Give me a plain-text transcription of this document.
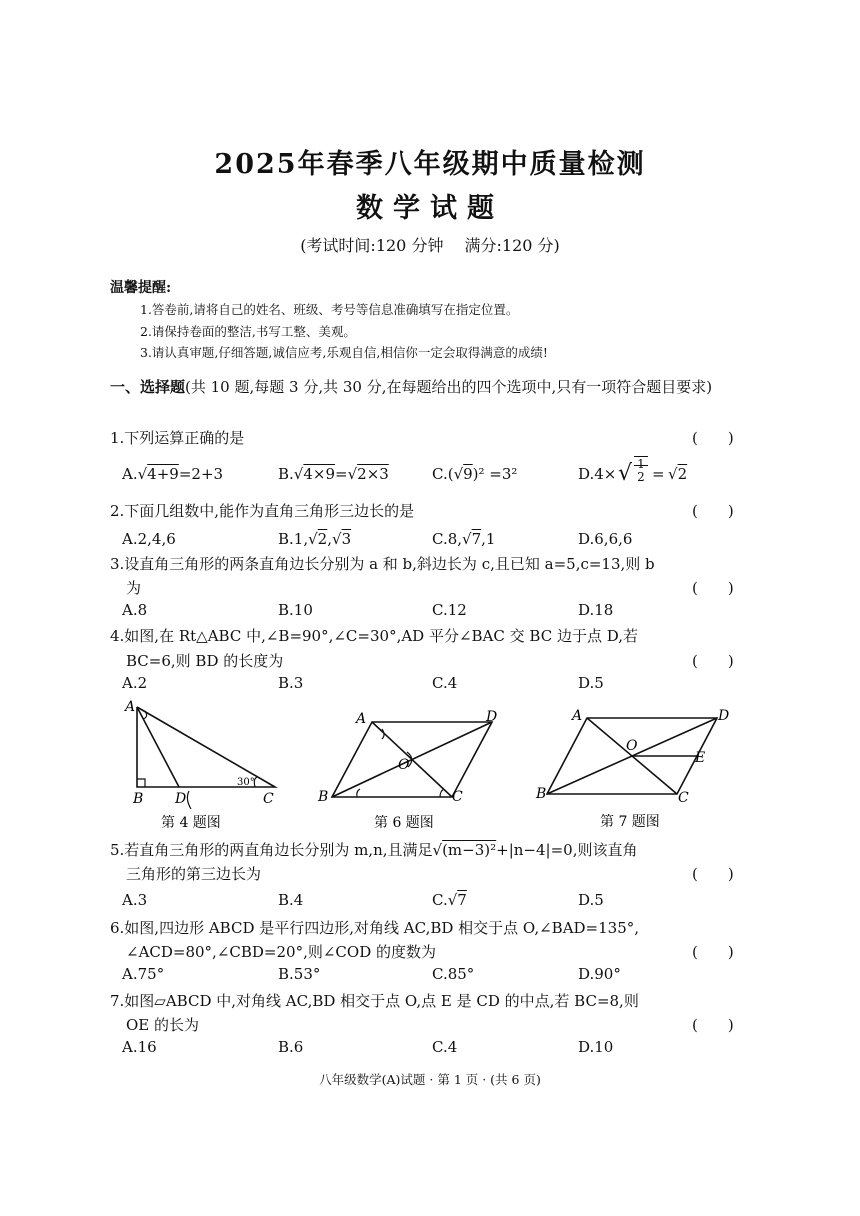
2025年春季八年级期中质量检测
数学试题
(考试时间:120 分钟　 满分:120 分)
温馨提醒:
1.答卷前,请将自己的姓名、班级、考号等信息准确填写在指定位置。
2.请保持卷面的整洁,书写工整、美观。
3.请认真审题,仔细答题,诚信应考,乐观自信,相信你一定会取得满意的成绩!
一、选择题(共 10 题,每题 3 分,共 30 分,在每题给出的四个选项中,只有一项符合题目要求)
1.下列运算正确的是	(　　)
A.√4+9=2+3	B.√4×9=√2×3	C.(√9)² =3²	D.4× √ 1
2 = √2
2.下面几组数中,能作为直角三角形三边长的是	(　　)
A.2,4,6	B.1,√2,√3	C.8,√7,1	D.6,6,6
3.设直角三角形的两条直角边长分别为 a 和 b,斜边长为 c,且已知 a=5,c=13,则 b
为	(　　)
A.8	B.10	C.12	D.18
4.如图,在 Rt△ABC 中,∠B=90°,∠C=30°,AD 平分∠BAC 交 BC 边于点 D,若
BC=6,则 BD 的长度为	(　　)
A.2	B.3	C.4	D.5
A
B D	C
30°
第 4 题图
A	D
B	C
O
第 6 题图
A	D
B	C
O
E
第 7 题图
5.若直角三角形的两直角边长分别为 m,n,且满足√(m−3)²+|n−4|=0,则该直角
三角形的第三边长为	(　　)
A.3	B.4	C.√7	D.5
6.如图,四边形 ABCD 是平行四边形,对角线 AC,BD 相交于点 O,∠BAD=135°,
∠ACD=80°,∠CBD=20°,则∠COD 的度数为	(　　)
A.75°	B.53°	C.85°	D.90°
7.如图▱ABCD 中,对角线 AC,BD 相交于点 O,点 E 是 CD 的中点,若 BC=8,则
OE 的长为	(　　)
A.16	B.6	C.4	D.10
八年级数学(A)试题 · 第 1 页 · (共 6 页)
